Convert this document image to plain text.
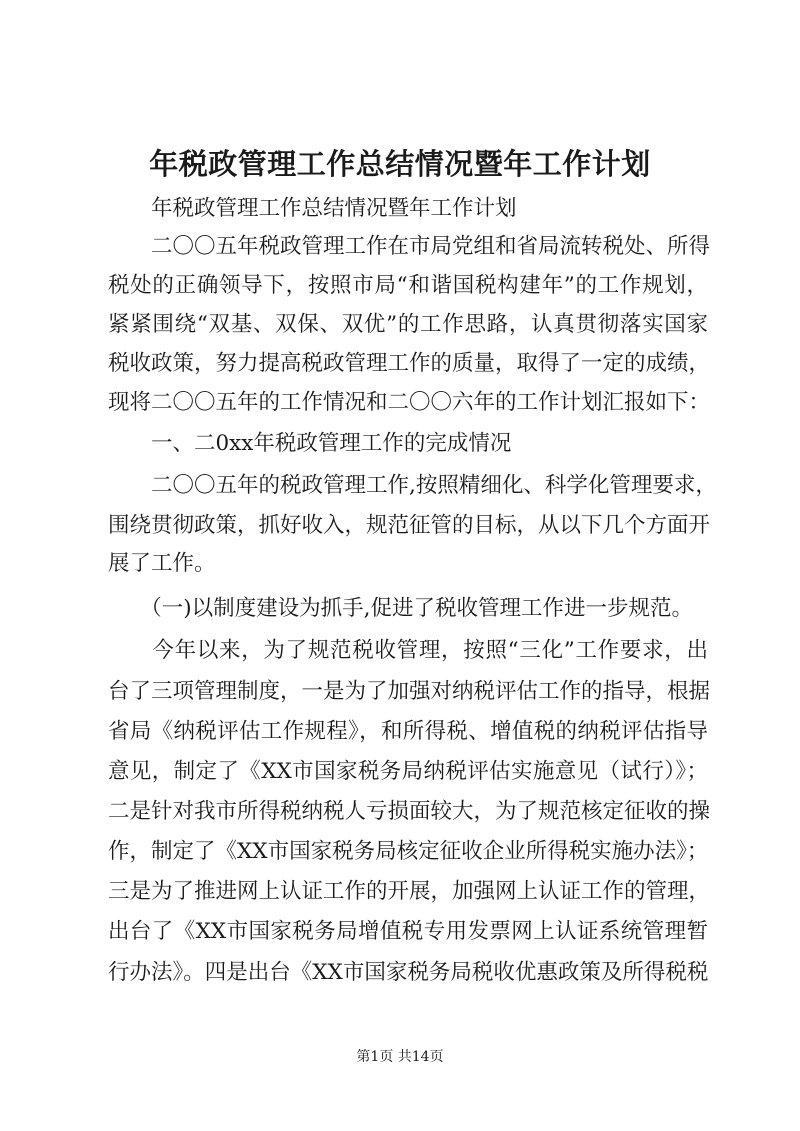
年税政管理工作总结情况暨年工作计划
　　年税政管理工作总结情况暨年工作计划
　　二〇〇五年税政管理工作在市局党组和省局流转税处、所得
税处的正确领导下，按照市局“和谐国税构建年”的工作规划，
紧紧围绕“双基、双保、双优”的工作思路，认真贯彻落实国家
税收政策，努力提高税政管理工作的质量，取得了一定的成绩，
现将二〇〇五年的工作情况和二〇〇六年的工作计划汇报如下：
　　一、二0xx年税政管理工作的完成情况
　　二〇〇五年的税政管理工作,按照精细化、科学化管理要求，
围绕贯彻政策，抓好收入，规范征管的目标，从以下几个方面开
展了工作。
　　（一)以制度建设为抓手,促进了税收管理工作进一步规范。
　　今年以来，为了规范税收管理，按照“三化”工作要求，出
台了三项管理制度，一是为了加强对纳税评估工作的指导，根据
省局《纳税评估工作规程》，和所得税、增值税的纳税评估指导
意见，制定了《XX市国家税务局纳税评估实施意见（试行）》；
二是针对我市所得税纳税人亏损面较大，为了规范核定征收的操
作，制定了《XX市国家税务局核定征收企业所得税实施办法》；
三是为了推进网上认证工作的开展，加强网上认证工作的管理，
出台了《XX市国家税务局增值税专用发票网上认证系统管理暂
行办法》。四是出台《XX市国家税务局税收优惠政策及所得税税
第1页 共14页
